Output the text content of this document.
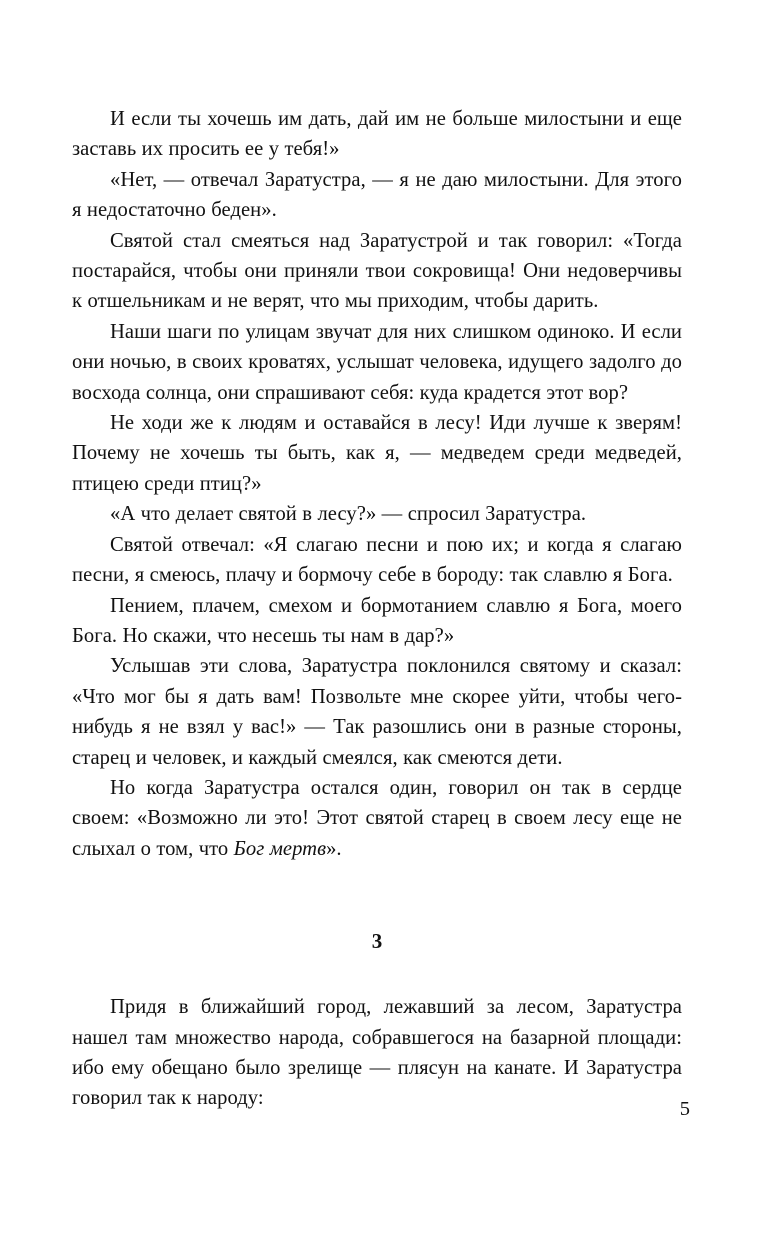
И если ты хочешь им дать, дай им не больше милостыни и еще заставь их просить ее у тебя!»

«Нет, — отвечал Заратустра, — я не даю милостыни. Для этого я недостаточно беден».

Святой стал смеяться над Заратустрой и так говорил: «Тогда постарайся, чтобы они приняли твои сокровища! Они недоверчивы к отшельникам и не верят, что мы приходим, чтобы дарить.

Наши шаги по улицам звучат для них слишком одиноко. И если они ночью, в своих кроватях, услышат человека, идущего задолго до восхода солнца, они спрашивают себя: куда крадется этот вор?

Не ходи же к людям и оставайся в лесу! Иди лучше к зверям! Почему не хочешь ты быть, как я, — медведем среди медведей, птицею среди птиц?»

«А что делает святой в лесу?» — спросил Заратустра.

Святой отвечал: «Я слагаю песни и пою их; и когда я слагаю песни, я смеюсь, плачу и бормочу себе в бороду: так славлю я Бога.

Пением, плачем, смехом и бормотанием славлю я Бога, моего Бога. Но скажи, что несешь ты нам в дар?»

Услышав эти слова, Заратустра поклонился святому и сказал: «Что мог бы я дать вам! Позвольте мне скорее уйти, чтобы чего-нибудь я не взял у вас!» — Так разошлись они в разные стороны, старец и человек, и каждый смеялся, как смеются дети.

Но когда Заратустра остался один, говорил он так в сердце своем: «Возможно ли это! Этот святой старец в своем лесу еще не слыхал о том, что Бог мертв».

3

Придя в ближайший город, лежавший за лесом, Заратустра нашел там множество народа, собравшегося на базарной площади: ибо ему обещано было зрелище — плясун на канате. И Заратустра говорил так к народу:	5
